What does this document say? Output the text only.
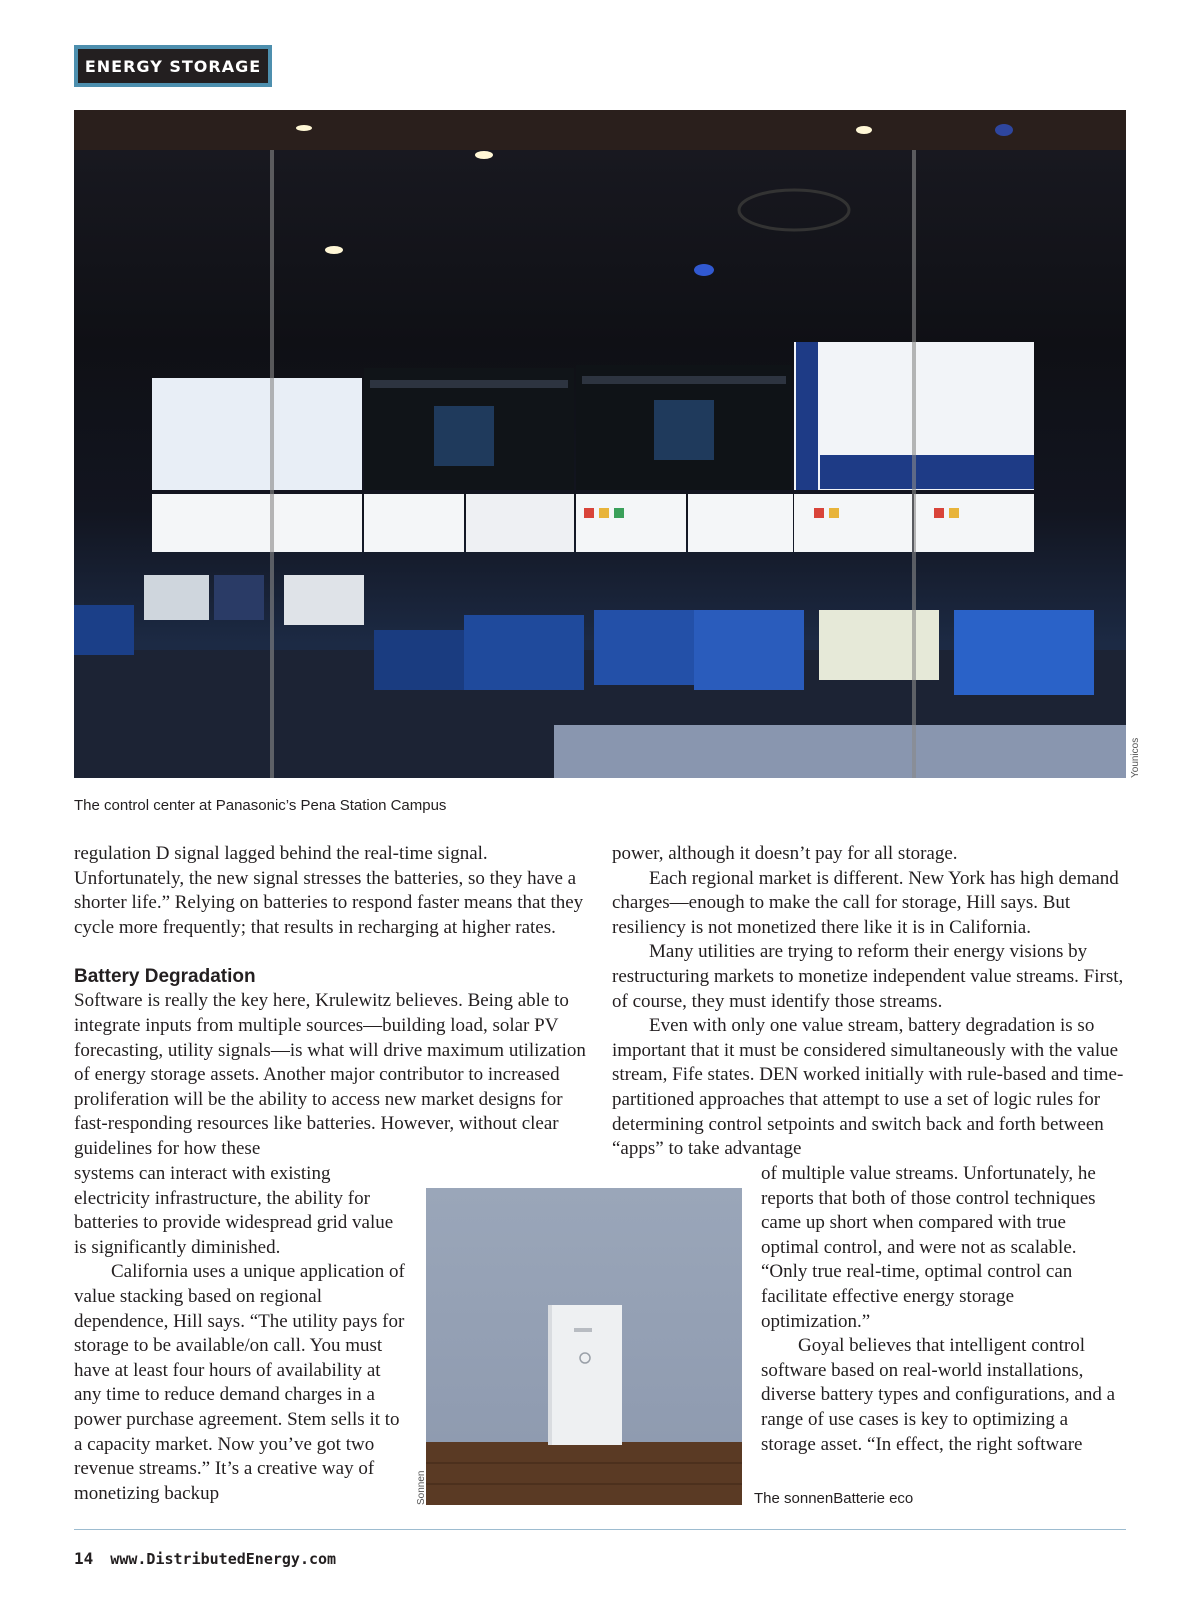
ENERGY STORAGE
Younicos
The control center at Panasonic’s Pena Station Campus

regulation D signal lagged behind the real-time signal. Unfortunately, the new signal stresses the batteries, so they have a shorter life.” Relying on batteries to respond faster means that they cycle more frequently; that results in recharging at higher rates.

Battery Degradation

Software is really the key here, Krulewitz believes. Being able to integrate inputs from multiple sources—building load, solar PV forecasting, utility signals—is what will drive maximum utilization of energy storage assets. Another major contributor to increased proliferation will be the ability to access new market designs for fast-responding resources like batteries. However, without clear guidelines for how these

systems can interact with existing electricity infrastructure, the ability for batteries to provide widespread grid value is significantly diminished.

California uses a unique application of value stacking based on regional dependence, Hill says. “The utility pays for storage to be available/on call. You must have at least four hours of availability at any time to reduce demand charges in a power purchase agreement. Stem sells it to a capacity market. Now you’ve got two revenue streams.” It’s a creative way of monetizing backup

power, although it doesn’t pay for all storage.

Each regional market is different. New York has high demand charges—enough to make the call for storage, Hill says. But resiliency is not monetized there like it is in California.

Many utilities are trying to reform their energy visions by restructuring markets to monetize independent value streams. First, of course, they must identify those streams.

Even with only one value stream, battery degradation is so important that it must be considered simultaneously with the value stream, Fife states. DEN worked initially with rule-based and time-partitioned approaches that attempt to use a set of logic rules for determining control setpoints and switch back and forth between “apps” to take advantage

of multiple value streams. Unfortunately, he reports that both of those control techniques came up short when compared with true optimal control, and were not as scalable. “Only true real-time, optimal control can facilitate effective energy storage optimization.”

Goyal believes that intelligent control software based on real-world installations, diverse battery types and configurations, and a range of use cases is key to optimizing a storage asset. “In effect, the right software

Sonnen	The sonnenBatterie eco
14 www.DistributedEnergy.com
